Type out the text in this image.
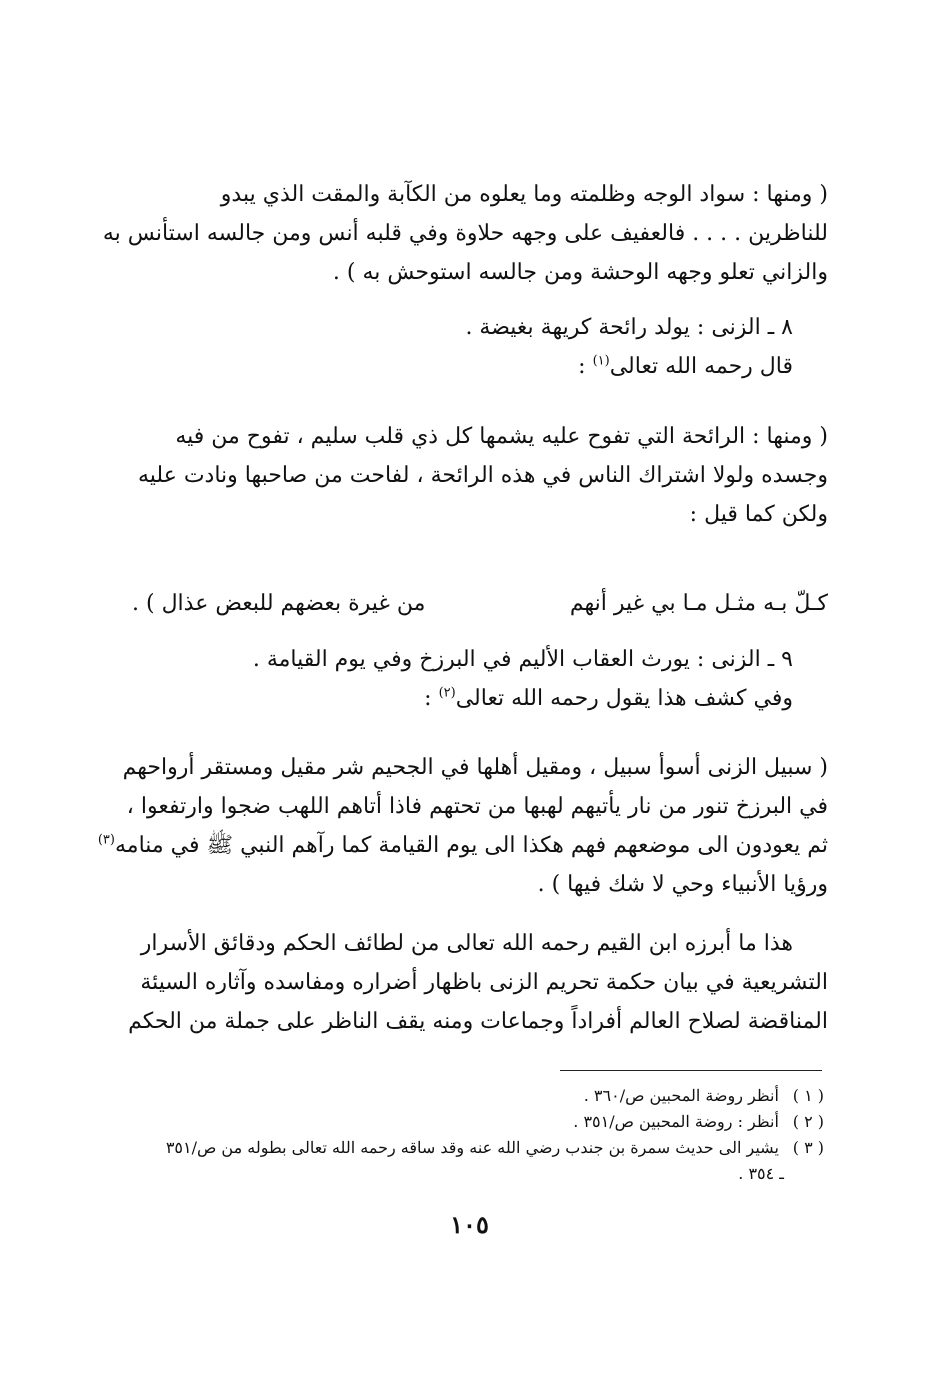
( ومنها : سواد الوجه وظلمته وما يعلوه من الكآبة والمقت الذي يبدو
للناظرين . . . . فالعفيف على وجهه حلاوة وفي قلبه أنس ومن جالسه استأنس به
والزاني تعلو وجهه الوحشة ومن جالسه استوحش به ) .
٨ ـ الزنى : يولد رائحة كريهة بغيضة .
قال رحمه الله تعالى$^{(١)}$ :
( ومنها : الرائحة التي تفوح عليه يشمها كل ذي قلب سليم ، تفوح من فيه
وجسده ولولا اشتراك الناس في هذه الرائحة ، لفاحت من صاحبها ونادت عليه
ولكن كما قيل :
كـلّ بـه مثـل مـا بي غير أنهم
من غيرة بعضهم للبعض عذال ) .
٩ ـ الزنى : يورث العقاب الأليم في البرزخ وفي يوم القيامة .
وفي كشف هذا يقول رحمه الله تعالى$^{(٢)}$ :
( سبيل الزنى أسوأ سبيل ، ومقيل أهلها في الجحيم شر مقيل ومستقر أرواحهم
في البرزخ تنور من نار يأتيهم لهبها من تحتهم فاذا أتاهم اللهب ضجوا وارتفعوا ،
ثم يعودون الى موضعهم فهم هكذا الى يوم القيامة كما رآهم النبي ﷺ في منامه$^{(٣)}$
ورؤيا الأنبياء وحي لا شك فيها ) .
هذا ما أبرزه ابن القيم رحمه الله تعالى من لطائف الحكم ودقائق الأسرار
التشريعية في بيان حكمة تحريم الزنى باظهار أضراره ومفاسده وآثاره السيئة
المناقضة لصلاح العالم أفراداً وجماعات ومنه يقف الناظر على جملة من الحكم
( ١ ) أنظر روضة المحبين ص/٣٦٠ .
( ٢ ) أنظر : روضة المحبين ص/٣٥١ .
( ٣ ) يشير الى حديث سمرة بن جندب رضي الله عنه وقد ساقه رحمه الله تعالى بطوله من ص/٣٥١
ـ ٣٥٤ .
١٠٥
